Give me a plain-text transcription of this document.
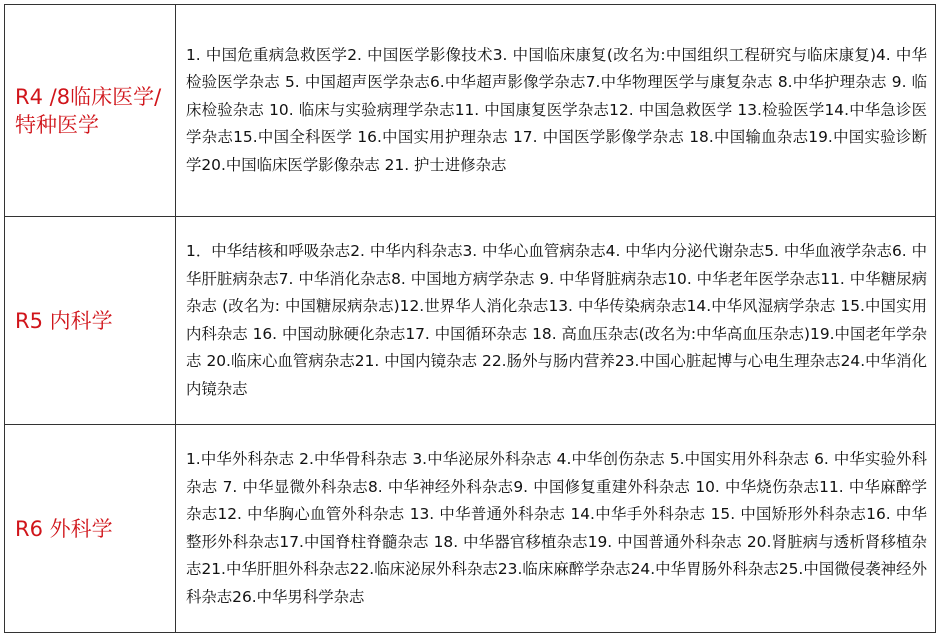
R4 /8临床医学/特种医学	1. 中国危重病急救医学2. 中国医学影像技术3. 中国临床康复(改名为:中国组织工程研究与临床康复)4. 中华检验医学杂志 5. 中国超声医学杂志6.中华超声影像学杂志7.中华物理医学与康复杂志 8.中华护理杂志 9. 临床检验杂志 10. 临床与实验病理学杂志11. 中国康复医学杂志12. 中国急救医学 13.检验医学14.中华急诊医学杂志15.中国全科医学 16.中国实用护理杂志 17. 中国医学影像学杂志 18.中国输血杂志19.中国实验诊断学20.中国临床医学影像杂志 21. 护士进修杂志
R5 内科学	1．中华结核和呼吸杂志2. 中华内科杂志3. 中华心血管病杂志4. 中华内分泌代谢杂志5. 中华血液学杂志6. 中华肝脏病杂志7. 中华消化杂志8. 中国地方病学杂志 9. 中华肾脏病杂志10. 中华老年医学杂志11. 中华糖尿病杂志 (改名为: 中国糖尿病杂志)12.世界华人消化杂志13. 中华传染病杂志14.中华风湿病学杂志 15.中国实用内科杂志 16. 中国动脉硬化杂志17. 中国循环杂志 18. 高血压杂志(改名为:中华高血压杂志)19.中国老年学杂志 20.临床心血管病杂志21. 中国内镜杂志 22.肠外与肠内营养23.中国心脏起博与心电生理杂志24.中华消化内镜杂志
R6 外科学	1.中华外科杂志 2.中华骨科杂志 3.中华泌尿外科杂志 4.中华创伤杂志 5.中国实用外科杂志 6. 中华实验外科杂志 7. 中华显微外科杂志8. 中华神经外科杂志9. 中国修复重建外科杂志 10. 中华烧伤杂志11. 中华麻醉学杂志12. 中华胸心血管外科杂志 13. 中华普通外科杂志 14.中华手外科杂志 15. 中国矫形外科杂志16. 中华整形外科杂志17.中国脊柱脊髓杂志 18. 中华器官移植杂志19. 中国普通外科杂志 20.肾脏病与透析肾移植杂志21.中华肝胆外科杂志22.临床泌尿外科杂志23.临床麻醉学杂志24.中华胃肠外科杂志25.中国微侵袭神经外科杂志26.中华男科学杂志
